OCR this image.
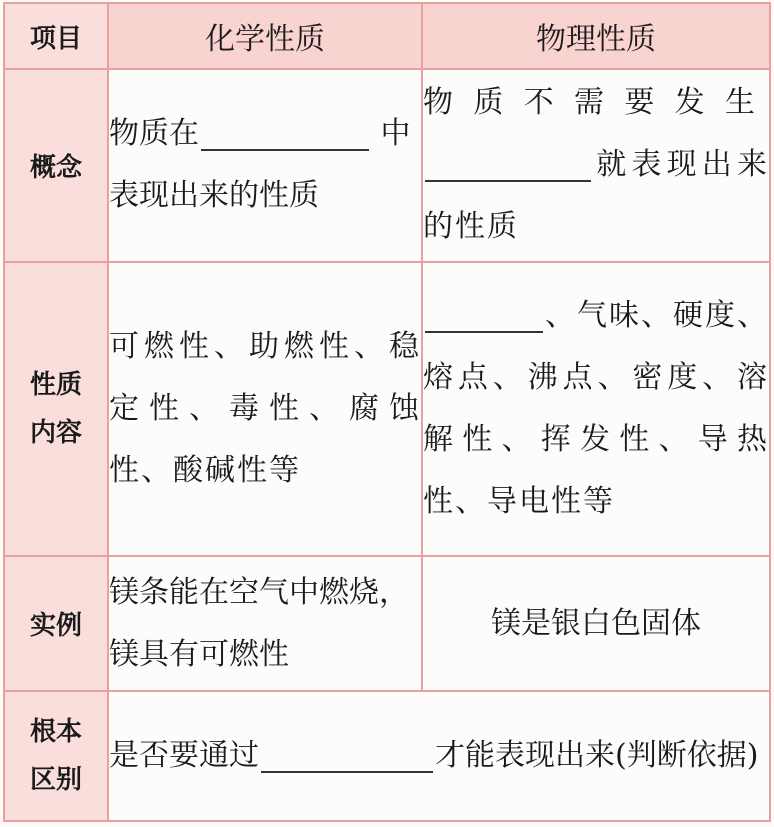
项目	化学性质	物理性质
概念	物质在 中表现出来的性质	物质不需要发生 就表现出来的性质

性质
内容	可燃性、助燃性、稳定性、毒性、腐蚀性、酸碱性等	、气味、硬度、熔点、沸点、密度、溶解性、挥发性、导热性、导电性等
实例	镁条能在空气中燃烧，镁具有可燃性	镁是银白色固体

根本
区别	是否要通过 才能表现出来(判断依据)	
